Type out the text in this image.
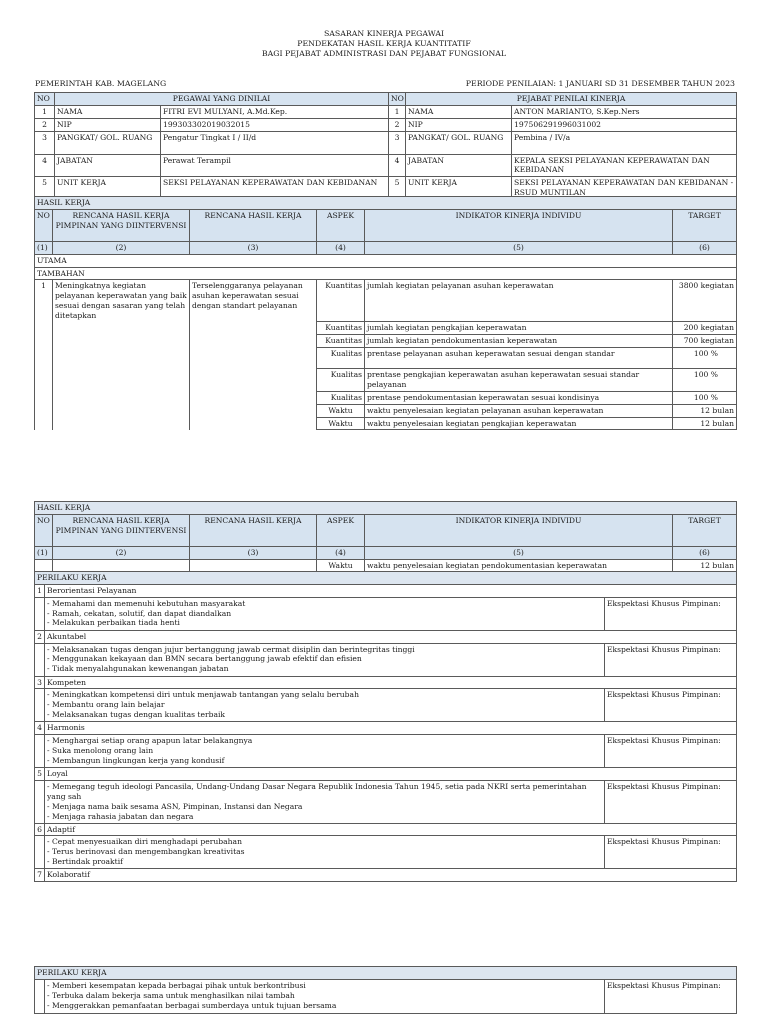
SASARAN KINERJA PEGAWAI
PENDEKATAN HASIL KERJA KUANTITATIF
BAGI PEJABAT ADMINISTRASI DAN PEJABAT FUNGSIONAL
PEMERINTAH KAB. MAGELANG	PERIODE PENILAIAN: 1 JANUARI SD 31 DESEMBER TAHUN 2023
NO	PEGAWAI YANG DINILAI		NO	PEJABAT PENILAI KINERJA	
1	NAMA	FITRI EVI MULYANI, A.Md.Kep.	1	NAMA	ANTON MARIANTO, S.Kep.Ners
2	NIP	199303302019032015	2	NIP	197506291996031002
3	PANGKAT/ GOL. RUANG	Pengatur Tingkat I / II/d	3	PANGKAT/ GOL. RUANG	Pembina / IV/a
4	JABATAN	Perawat Terampil	4	JABATAN	KEPALA SEKSI PELAYANAN KEPERAWATAN DAN KEBIDANAN
5	UNIT KERJA	SEKSI PELAYANAN KEPERAWATAN DAN KEBIDANAN	5	UNIT KERJA	SEKSI PELAYANAN KEPERAWATAN DAN KEBIDANAN - RSUD MUNTILAN
HASIL KERJA					
NO	RENCANA HASIL KERJA PIMPINAN YANG DIINTERVENSI	RENCANA HASIL KERJA	ASPEK	INDIKATOR KINERJA INDIVIDU	TARGET
(1)	(2)	(3)	(4)	(5)	(6)
UTAMA					
TAMBAHAN					
1	Meningkatnya kegiatan pelayanan keperawatan yang baik sesuai dengan sasaran yang telah ditetapkan	Terselenggaranya pelayanan asuhan keperawatan sesuai dengan standart pelayanan	Kuantitas	jumlah kegiatan pelayanan asuhan keperawatan	3800 kegiatan
			Kuantitas	jumlah kegiatan pengkajian keperawatan	200 kegiatan
			Kuantitas	jumlah kegiatan pendokumentasian keperawatan	700 kegiatan
			Kualitas	prentase pelayanan asuhan keperawatan sesuai dengan standar	100 %
			Kualitas	prentase pengkajian keperawatan asuhan keperawatan sesuai standar pelayanan	100 %
			Kualitas	prentase pendokumentasian keperawatan sesuai kondisinya	100 %
			Waktu	waktu penyelesaian kegiatan pelayanan asuhan keperawatan	12 bulan
			Waktu	waktu penyelesaian kegiatan pengkajian keperawatan	12 bulan
HASIL KERJA					
NO	RENCANA HASIL KERJA PIMPINAN YANG DIINTERVENSI	RENCANA HASIL KERJA	ASPEK	INDIKATOR KINERJA INDIVIDU	TARGET
(1)	(2)	(3)	(4)	(5)	(6)
			Waktu	waktu penyelesaian kegiatan pendokumentasian keperawatan	12 bulan
PERILAKU KERJA		
1	Berorientasi Pelayanan	

	- Memahami dan memenuhi kebutuhan masyarakat
- Ramah, cekatan, solutif, dan dapat diandalkan
- Melakukan perbaikan tiada henti	Ekspektasi Khusus Pimpinan:
2	Akuntabel	

	- Melaksanakan tugas dengan jujur bertanggung jawab cermat disiplin dan berintegritas tinggi
- Menggunakan kekayaan dan BMN secara bertanggung jawab efektif dan efisien
- Tidak menyalahgunakan kewenangan jabatan	Ekspektasi Khusus Pimpinan:
3	Kompeten	

	- Meningkatkan kompetensi diri untuk menjawab tantangan yang selalu berubah
- Membantu orang lain belajar
- Melaksanakan tugas dengan kualitas terbaik	Ekspektasi Khusus Pimpinan:
4	Harmonis	

	- Menghargai setiap orang apapun latar belakangnya
- Suka menolong orang lain
- Membangun lingkungan kerja yang kondusif	Ekspektasi Khusus Pimpinan:
5	Loyal	

	- Memegang teguh ideologi Pancasila, Undang-Undang Dasar Negara Republik Indonesia Tahun 1945, setia pada NKRI serta pemerintahan yang sah
- Menjaga nama baik sesama ASN, Pimpinan, Instansi dan Negara
- Menjaga rahasia jabatan dan negara	Ekspektasi Khusus Pimpinan:
6	Adaptif	

	- Cepat menyesuaikan diri menghadapi perubahan
- Terus berinovasi dan mengembangkan kreativitas
- Bertindak proaktif	Ekspektasi Khusus Pimpinan:
7	Kolaboratif	
PERILAKU KERJA

- Memberi kesempatan kepada berbagai pihak untuk berkontribusi
- Terbuka dalam bekerja sama untuk menghasilkan nilai tambah
- Menggerakkan pemanfaatan berbagai sumberdaya untuk tujuan bersama
	Ekspektasi Khusus Pimpinan:
